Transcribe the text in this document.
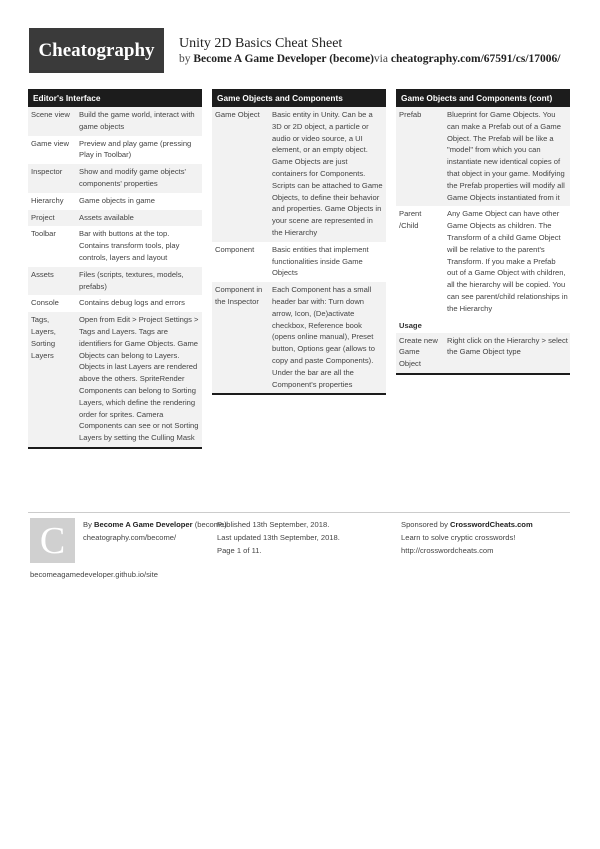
Cheatography	Unity 2D Basics Cheat Sheet
by Become A Game Developer (become)via cheatography.com/67591/cs/17006/
Editor's Interface
Scene view	Build the game world, interact with game objects
Game view	Preview and play game (pressing Play in Toolbar)
Inspector	Show and modify game objects' components' properties
Hierarchy	Game objects in game
Project	Assets available
Toolbar	Bar with buttons at the top. Contains transform tools, play controls, layers and layout
Assets	Files (scripts, textures, models, prefabs)
Console	Contains debug logs and errors
Tags, Layers, Sorting Layers	Open from Edit > Project Settings > Tags and Layers. Tags are identifiers for Game Objects. Game Objects can belong to Layers. Objects in last Layers are rendered above the others. SpriteRender Components can belong to Sorting Layers, which define the rendering order for sprites. Camera Components can see or not Sorting Layers by setting the Culling Mask
Game Objects and Components
Game Object	Basic entity in Unity. Can be a 3D or 2D object, a particle or audio or video source, a UI element, or an empty object. Game Objects are just containers for Components. Scripts can be attached to Game Objects, to define their behavior and properties. Game Objects in your scene are represented in the Hierarchy
Component	Basic entities that implement functionalities inside Game Objects
Component in the Inspector	Each Component has a small header bar with: Turn down arrow, Icon, (De)activate checkbox, Reference book (opens online manual), Preset button, Options gear (allows to copy and paste Components). Under the bar are all the Component's properties
Game Objects and Components (cont)
Prefab	Blueprint for Game Objects. You can make a Prefab out of a Game Object. The Prefab will be like a "model" from which you can instantiate new identical copies of that object in your game. Modifying the Prefab properties will modify all Game Objects instantiated from it
Parent /Child	Any Game Object can have other Game Objects as children. The Transform of a child Game Object will be relative to the parent's Transform. If you make a Prefab out of a Game Object with children, all the hierarchy will be copied. You can see parent/child relationships in the Hierarchy
Usage
Create new Game Object	Right click on the Hierarchy > select the Game Object type
C	By Become A Game Developer (become)
cheatography.com/become/
becomeagamedeveloper.github.io/site
Published 13th September, 2018.
Last updated 13th September, 2018.
Page 1 of 11.
Sponsored by CrosswordCheats.com
Learn to solve cryptic crosswords!
http://crosswordcheats.com
